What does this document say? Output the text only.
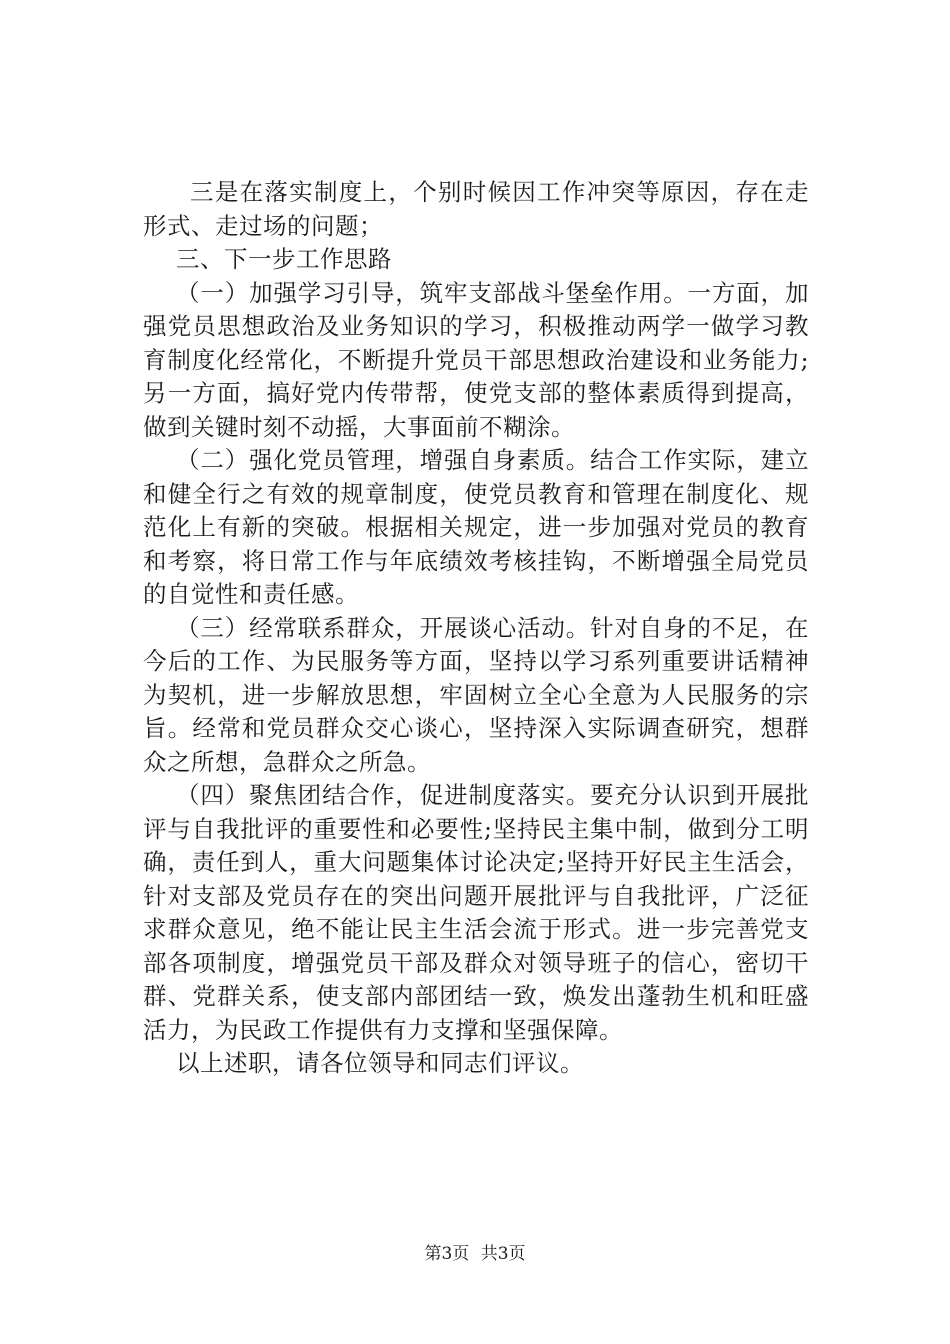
三是在落实制度上，个别时候因工作冲突等原因，存在走形式、走过场的问题；

三、下一步工作思路

（一）加强学习引导，筑牢支部战斗堡垒作用。一方面，加强党员思想政治及业务知识的学习，积极推动两学一做学习教育制度化经常化，不断提升党员干部思想政治建设和业务能力;另一方面，搞好党内传带帮，使党支部的整体素质得到提高，做到关键时刻不动摇，大事面前不糊涂。

（二）强化党员管理，增强自身素质。结合工作实际，建立和健全行之有效的规章制度，使党员教育和管理在制度化、规范化上有新的突破。根据相关规定，进一步加强对党员的教育和考察，将日常工作与年底绩效考核挂钩，不断增强全局党员的自觉性和责任感。

（三）经常联系群众，开展谈心活动。针对自身的不足，在今后的工作、为民服务等方面，坚持以学习系列重要讲话精神为契机，进一步解放思想，牢固树立全心全意为人民服务的宗旨。经常和党员群众交心谈心，坚持深入实际调查研究，想群众之所想，急群众之所急。

（四）聚焦团结合作，促进制度落实。要充分认识到开展批评与自我批评的重要性和必要性;坚持民主集中制，做到分工明确，责任到人，重大问题集体讨论决定;坚持开好民主生活会，针对支部及党员存在的突出问题开展批评与自我批评，广泛征求群众意见，绝不能让民主生活会流于形式。进一步完善党支部各项制度，增强党员干部及群众对领导班子的信心，密切干群、党群关系，使支部内部团结一致，焕发出蓬勃生机和旺盛活力，为民政工作提供有力支撑和坚强保障。

以上述职，请各位领导和同志们评议。

第3页 共3页
